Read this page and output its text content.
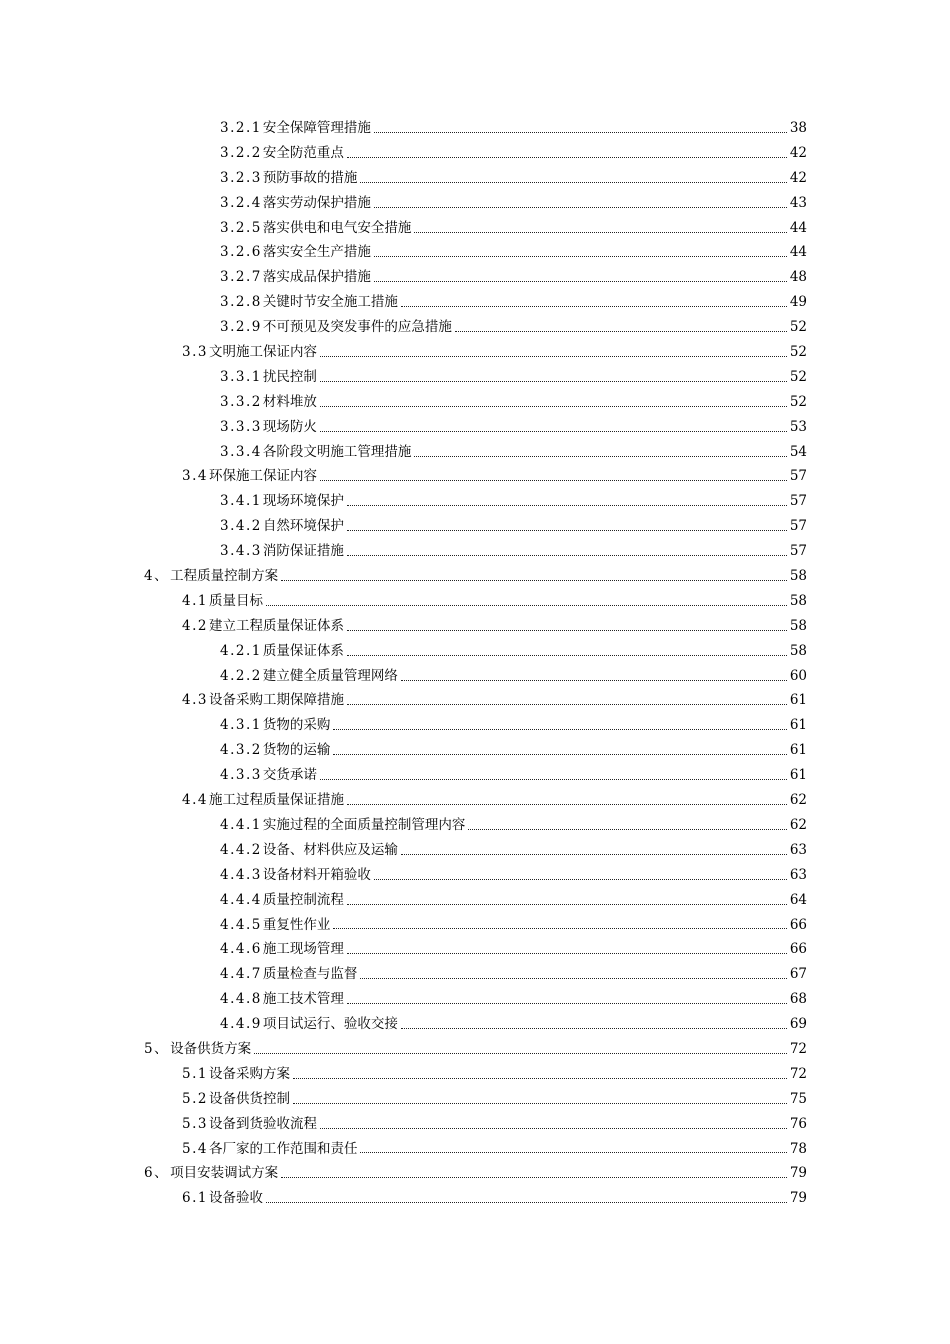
3.2.1 安全保障管理措施	38
3.2.2 安全防范重点	42
3.2.3 预防事故的措施	42
3.2.4 落实劳动保护措施	43
3.2.5 落实供电和电气安全措施	44
3.2.6 落实安全生产措施	44
3.2.7 落实成品保护措施	48
3.2.8 关键时节安全施工措施	49
3.2.9 不可预见及突发事件的应急措施	52
3.3 文明施工保证内容	52
3.3.1 扰民控制	52
3.3.2 材料堆放	52
3.3.3 现场防火	53
3.3.4 各阶段文明施工管理措施	54
3.4 环保施工保证内容	57
3.4.1 现场环境保护	57
3.4.2 自然环境保护	57
3.4.3 消防保证措施	57
4、 工程质量控制方案	58
4.1 质量目标	58
4.2 建立工程质量保证体系	58
4.2.1 质量保证体系	58
4.2.2 建立健全质量管理网络	60
4.3 设备采购工期保障措施	61
4.3.1 货物的采购	61
4.3.2 货物的运输	61
4.3.3 交货承诺	61
4.4 施工过程质量保证措施	62
4.4.1 实施过程的全面质量控制管理内容	62
4.4.2 设备、材料供应及运输	63
4.4.3 设备材料开箱验收	63
4.4.4 质量控制流程	64
4.4.5 重复性作业	66
4.4.6 施工现场管理	66
4.4.7 质量检查与监督	67
4.4.8 施工技术管理	68
4.4.9 项目试运行、验收交接	69
5、 设备供货方案	72
5.1 设备采购方案	72
5.2 设备供货控制	75
5.3 设备到货验收流程	76
5.4 各厂家的工作范围和责任	78
6、 项目安装调试方案	79
6.1 设备验收	79
